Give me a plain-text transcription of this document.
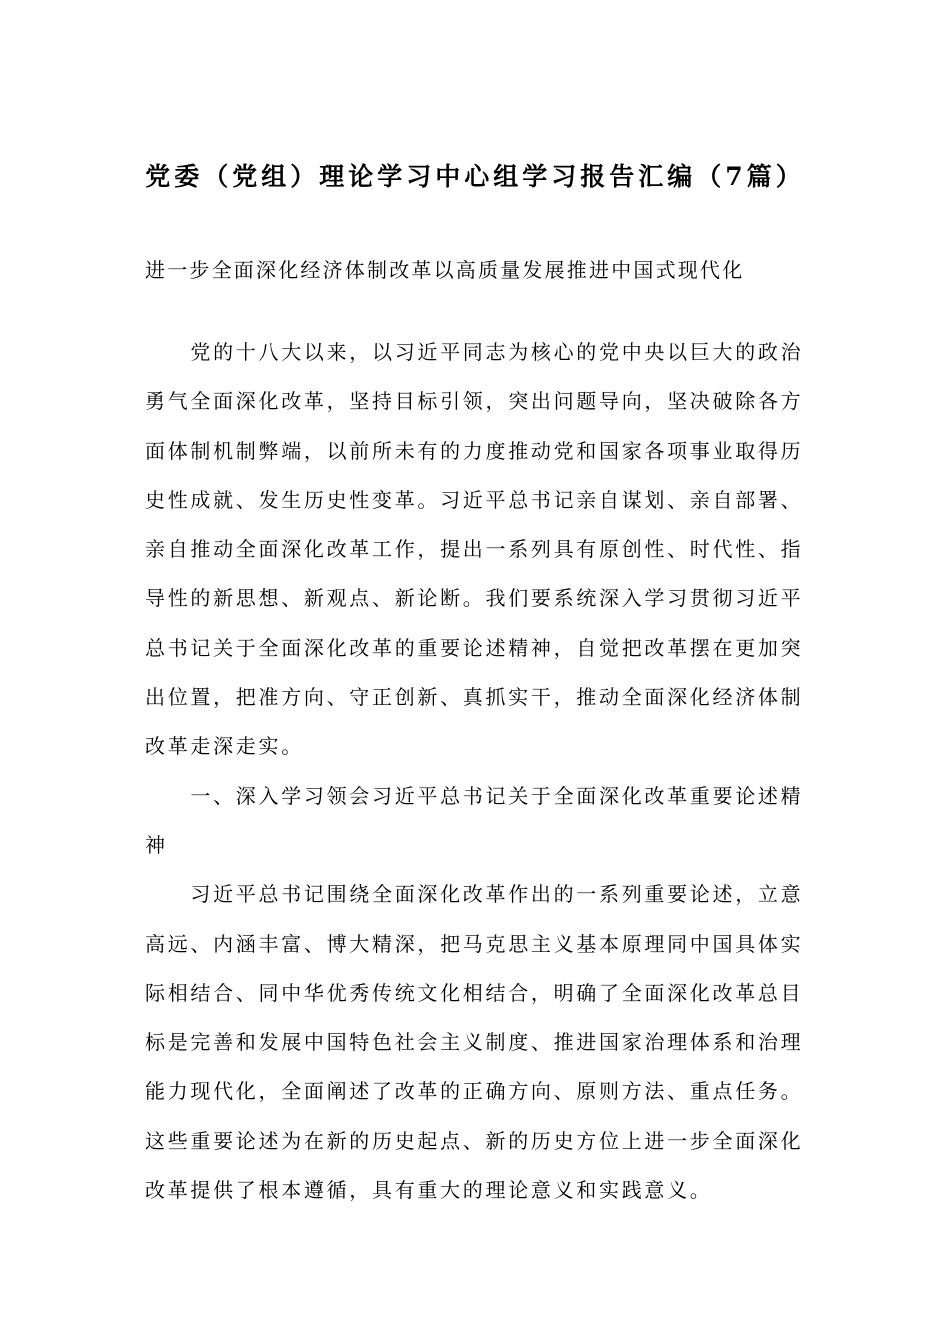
党委（党组）理论学习中心组学习报告汇编（7篇）
进一步全面深化经济体制改革以高质量发展推进中国式现代化
　　党的十八大以来，以习近平同志为核心的党中央以巨大的政治
勇气全面深化改革，坚持目标引领，突出问题导向，坚决破除各方
面体制机制弊端，以前所未有的力度推动党和国家各项事业取得历
史性成就、发生历史性变革。习近平总书记亲自谋划、亲自部署、
亲自推动全面深化改革工作，提出一系列具有原创性、时代性、指
导性的新思想、新观点、新论断。我们要系统深入学习贯彻习近平
总书记关于全面深化改革的重要论述精神，自觉把改革摆在更加突
出位置，把准方向、守正创新、真抓实干，推动全面深化经济体制
改革走深走实。
　　一、深入学习领会习近平总书记关于全面深化改革重要论述精
神
　　习近平总书记围绕全面深化改革作出的一系列重要论述，立意
高远、内涵丰富、博大精深，把马克思主义基本原理同中国具体实
际相结合、同中华优秀传统文化相结合，明确了全面深化改革总目
标是完善和发展中国特色社会主义制度、推进国家治理体系和治理
能力现代化，全面阐述了改革的正确方向、原则方法、重点任务。
这些重要论述为在新的历史起点、新的历史方位上进一步全面深化
改革提供了根本遵循，具有重大的理论意义和实践意义。
